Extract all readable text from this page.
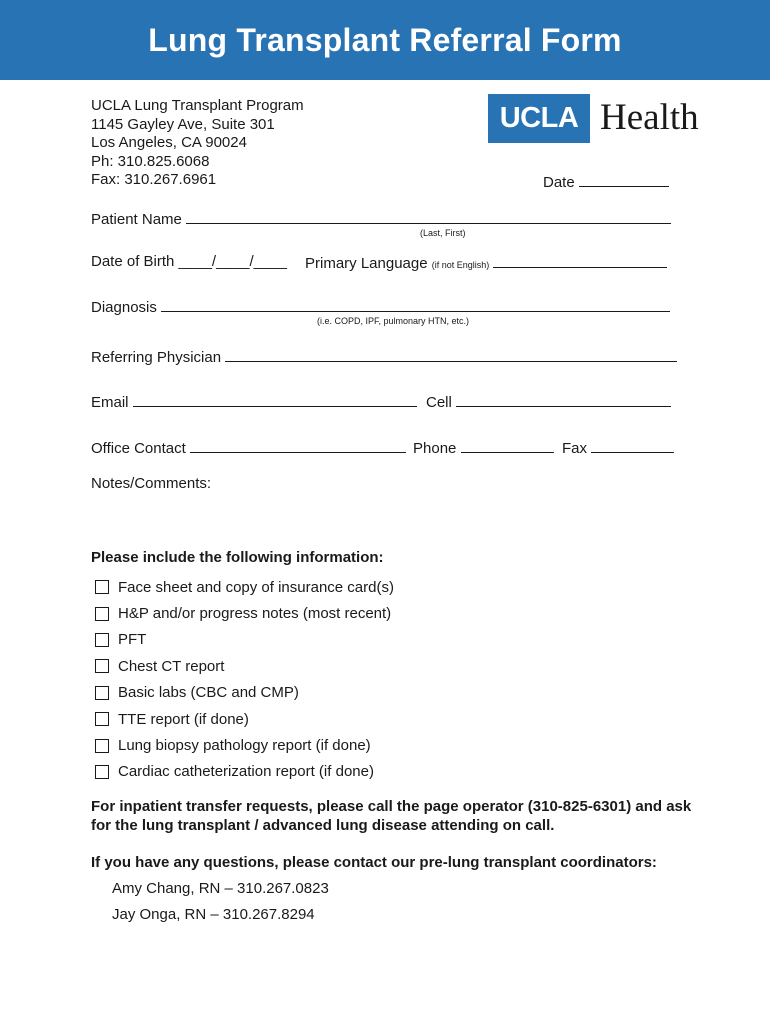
Lung Transplant Referral Form
UCLA Lung Transplant Program
1145 Gayley Ave, Suite 301
Los Angeles, CA 90024
Ph: 310.825.6068
Fax: 310.267.6961
UCLA Health
Date
Patient Name
(Last, First)
Date of Birth ____/____/____ Primary Language (if not English)
Diagnosis
(i.e. COPD, IPF, pulmonary HTN, etc.)
Referring Physician
Email	Cell
Office Contact	Phone	Fax
Notes/Comments:
Please include the following information:
Face sheet and copy of insurance card(s)
H&P and/or progress notes (most recent)
PFT
Chest CT report
Basic labs (CBC and CMP)
TTE report (if done)
Lung biopsy pathology report (if done)
Cardiac catheterization report (if done)
For inpatient transfer requests, please call the page operator (310-825-6301) and ask for the lung transplant / advanced lung disease attending on call.
If you have any questions, please contact our pre-lung transplant coordinators:
Amy Chang, RN – 310.267.0823
Jay Onga, RN – 310.267.8294
